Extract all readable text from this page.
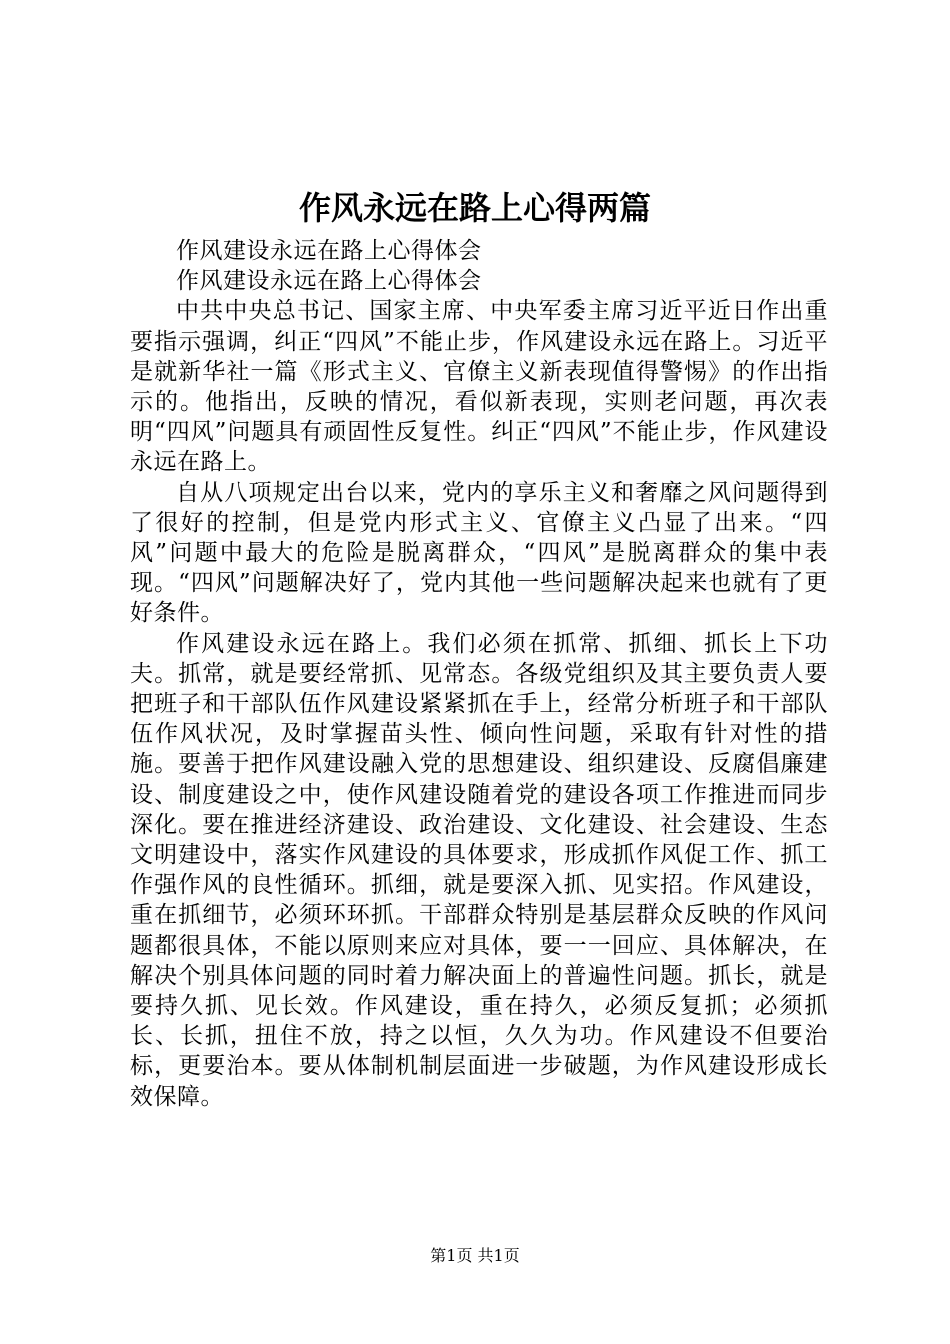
作风永远在路上心得两篇

作风建设永远在路上心得体会

作风建设永远在路上心得体会

中共中央总书记、国家主席、中央军委主席习近平近日作出重要指示强调，纠正“四风”不能止步，作风建设永远在路上。习近平是就新华社一篇《形式主义、官僚主义新表现值得警惕》的作出指示的。他指出，反映的情况，看似新表现，实则老问题，再次表明“四风”问题具有顽固性反复性。纠正“四风”不能止步，作风建设永远在路上。

自从八项规定出台以来，党内的享乐主义和奢靡之风问题得到了很好的控制，但是党内形式主义、官僚主义凸显了出来。“四风”问题中最大的危险是脱离群众，“四风”是脱离群众的集中表现。“四风”问题解决好了，党内其他一些问题解决起来也就有了更好条件。

作风建设永远在路上。我们必须在抓常、抓细、抓长上下功夫。抓常，就是要经常抓、见常态。各级党组织及其主要负责人要把班子和干部队伍作风建设紧紧抓在手上，经常分析班子和干部队伍作风状况，及时掌握苗头性、倾向性问题，采取有针对性的措施。要善于把作风建设融入党的思想建设、组织建设、反腐倡廉建设、制度建设之中，使作风建设随着党的建设各项工作推进而同步深化。要在推进经济建设、政治建设、文化建设、社会建设、生态文明建设中，落实作风建设的具体要求，形成抓作风促工作、抓工作强作风的良性循环。抓细，就是要深入抓、见实招。作风建设，重在抓细节，必须环环抓。干部群众特别是基层群众反映的作风问题都很具体，不能以原则来应对具体，要一一回应、具体解决，在解决个别具体问题的同时着力解决面上的普遍性问题。抓长，就是要持久抓、见长效。作风建设，重在持久，必须反复抓；必须抓长、长抓，扭住不放，持之以恒，久久为功。作风建设不但要治标，更要治本。要从体制机制层面进一步破题，为作风建设形成长效保障。

第1页 共1页
